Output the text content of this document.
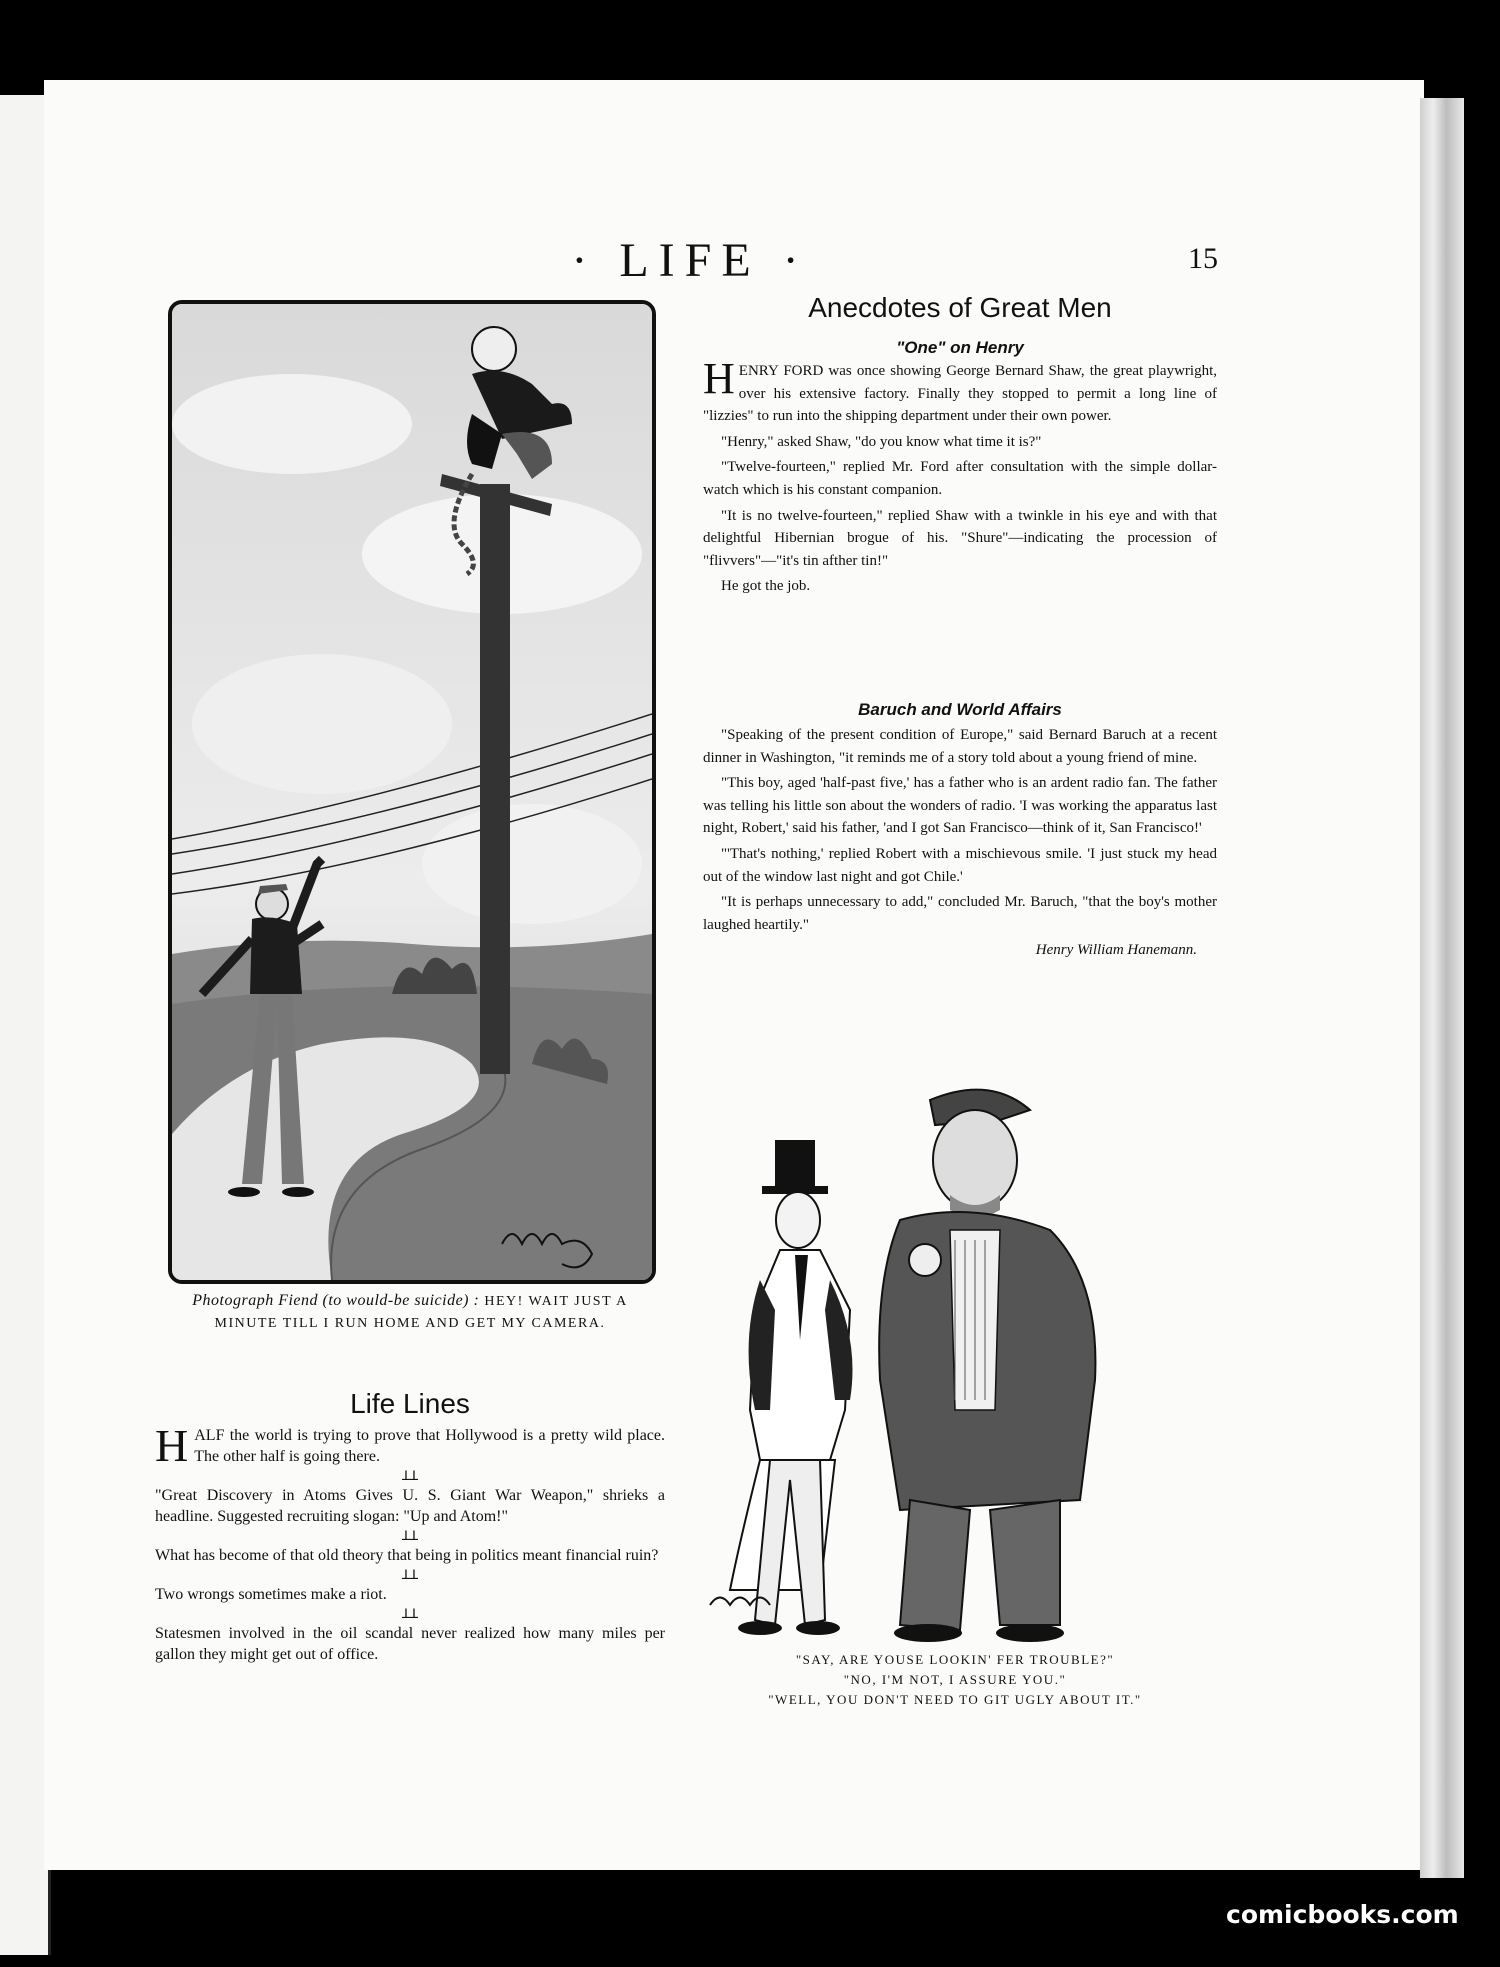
· LIFE ·	15
Photograph Fiend (to would-be suicide) : HEY! WAIT JUST A MINUTE TILL I RUN HOME AND GET MY CAMERA.
Life Lines

HALF the world is trying to prove that Hollywood is a pretty wild place. The other half is going there.

ꓕꓕ

"Great Discovery in Atoms Gives U. S. Giant War Weapon," shrieks a headline. Suggested recruiting slogan: "Up and Atom!"

ꓕꓕ

What has become of that old theory that being in politics meant financial ruin?

ꓕꓕ

Two wrongs sometimes make a riot.

ꓕꓕ

Statesmen involved in the oil scandal never realized how many miles per gallon they might get out of office.

Anecdotes of Great Men
"One" on Henry

HENRY FORD was once showing George Bernard Shaw, the great playwright, over his extensive factory. Finally they stopped to permit a long line of "lizzies" to run into the shipping department under their own power.

"Henry," asked Shaw, "do you know what time it is?"

"Twelve-fourteen," replied Mr. Ford after consultation with the simple dollar-watch which is his constant companion.

"It is no twelve-fourteen," replied Shaw with a twinkle in his eye and with that delightful Hibernian brogue of his. "Shure"—indicating the procession of "flivvers"—"it's tin afther tin!"

He got the job.

Baruch and World Affairs

"Speaking of the present condition of Europe," said Bernard Baruch at a recent dinner in Washington, "it reminds me of a story told about a young friend of mine.

"This boy, aged 'half-past five,' has a father who is an ardent radio fan. The father was telling his little son about the wonders of radio. 'I was working the apparatus last night, Robert,' said his father, 'and I got San Francisco—think of it, San Francisco!'

"'That's nothing,' replied Robert with a mischievous smile. 'I just stuck my head out of the window last night and got Chile.'

"It is perhaps unnecessary to add," concluded Mr. Baruch, "that the boy's mother laughed heartily."

Henry William Hanemann.
"SAY, ARE YOUSE LOOKIN' FER TROUBLE?"
"NO, I'M NOT, I ASSURE YOU."
"WELL, YOU DON'T NEED TO GIT UGLY ABOUT IT."
comicbooks.com
